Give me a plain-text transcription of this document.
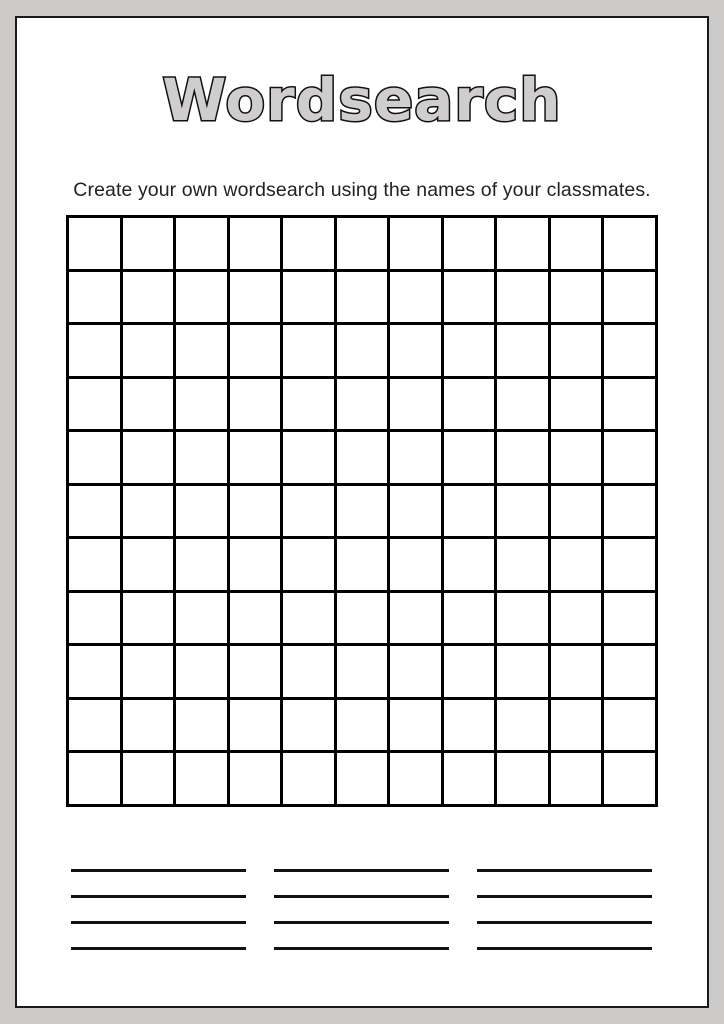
Wordsearch
Create your own wordsearch using the names of your classmates.
